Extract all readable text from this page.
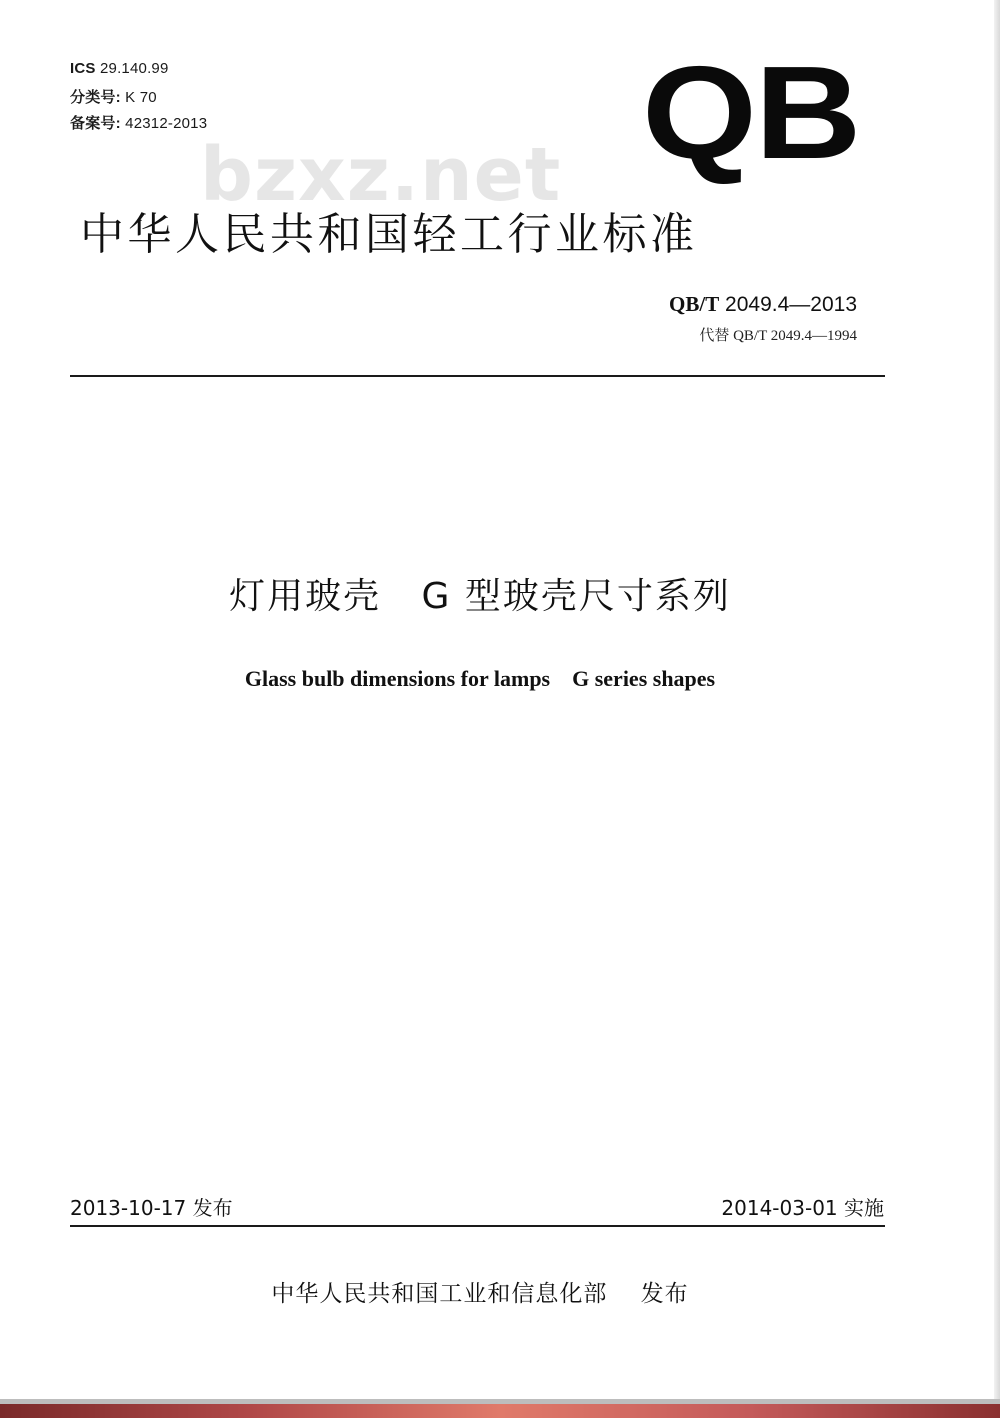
ICS 29.140.99
分类号: K 70
备案号: 42312-2013	QB
bzxz.net
中华人民共和国轻工行业标准
QB/T 2049.4—2013
代替 QB/T 2049.4—1994
灯用玻壳   G 型玻壳尺寸系列
Glass bulb dimensions for lamps    G series shapes
2013-10-17 发布	2014-03-01 实施
中华人民共和国工业和信息化部    发布
